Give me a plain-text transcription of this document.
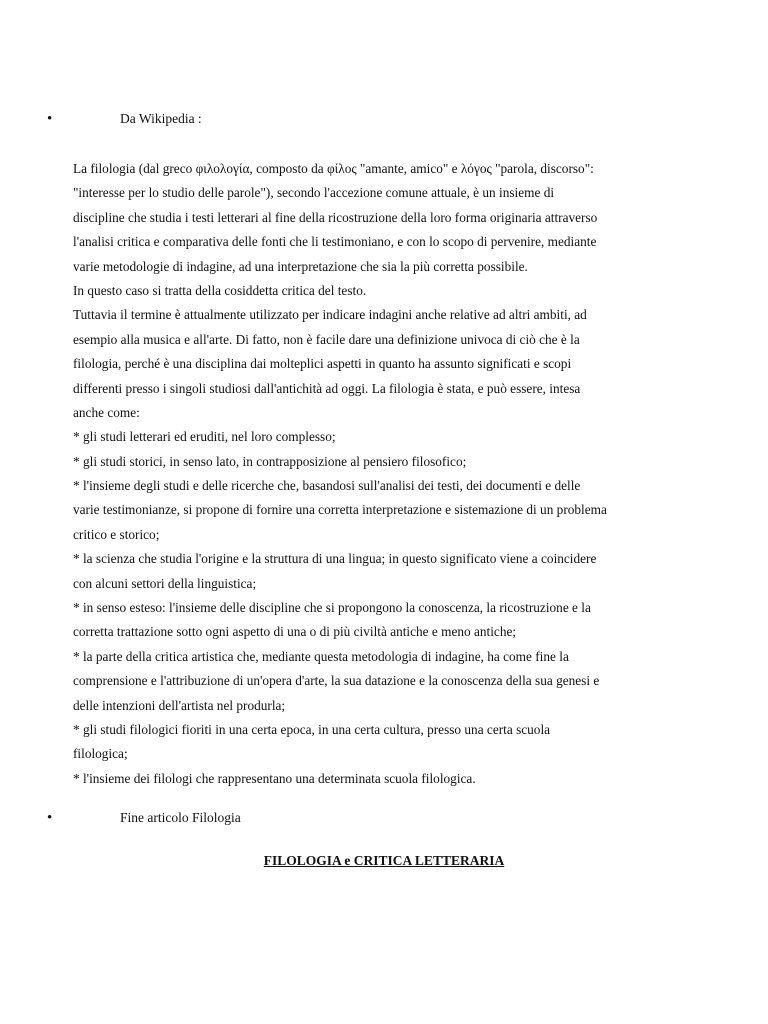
•	Da Wikipedia :
La filologia (dal greco φιλολογία, composto da φίλος "amante, amico" e λόγος "parola, discorso":
"interesse per lo studio delle parole"), secondo l'accezione comune attuale, è un insieme di
discipline che studia i testi letterari al fine della ricostruzione della loro forma originaria attraverso
l'analisi critica e comparativa delle fonti che li testimoniano, e con lo scopo di pervenire, mediante
varie metodologie di indagine, ad una interpretazione che sia la più corretta possibile.
In questo caso si tratta della cosiddetta critica del testo.
Tuttavia il termine è attualmente utilizzato per indicare indagini anche relative ad altri ambiti, ad
esempio alla musica e all'arte. Di fatto, non è facile dare una definizione univoca di ciò che è la
filologia, perché è una disciplina dai molteplici aspetti in quanto ha assunto significati e scopi
differenti presso i singoli studiosi dall'antichità ad oggi. La filologia è stata, e può essere, intesa
anche come:
* gli studi letterari ed eruditi, nel loro complesso;
* gli studi storici, in senso lato, in contrapposizione al pensiero filosofico;
* l'insieme degli studi e delle ricerche che, basandosi sull'analisi dei testi, dei documenti e delle
varie testimonianze, si propone di fornire una corretta interpretazione e sistemazione di un problema
critico e storico;
* la scienza che studia l'origine e la struttura di una lingua; in questo significato viene a coincidere
con alcuni settori della linguistica;
* in senso esteso: l'insieme delle discipline che si propongono la conoscenza, la ricostruzione e la
corretta trattazione sotto ogni aspetto di una o di più civiltà antiche e meno antiche;
* la parte della critica artistica che, mediante questa metodologia di indagine, ha come fine la
comprensione e l'attribuzione di un'opera d'arte, la sua datazione e la conoscenza della sua genesi e
delle intenzioni dell'artista nel produrla;
* gli studi filologici fioriti in una certa epoca, in una certa cultura, presso una certa scuola
filologica;
* l'insieme dei filologi che rappresentano una determinata scuola filologica.
•	Fine articolo Filologia
FILOLOGIA e CRITICA LETTERARIA
